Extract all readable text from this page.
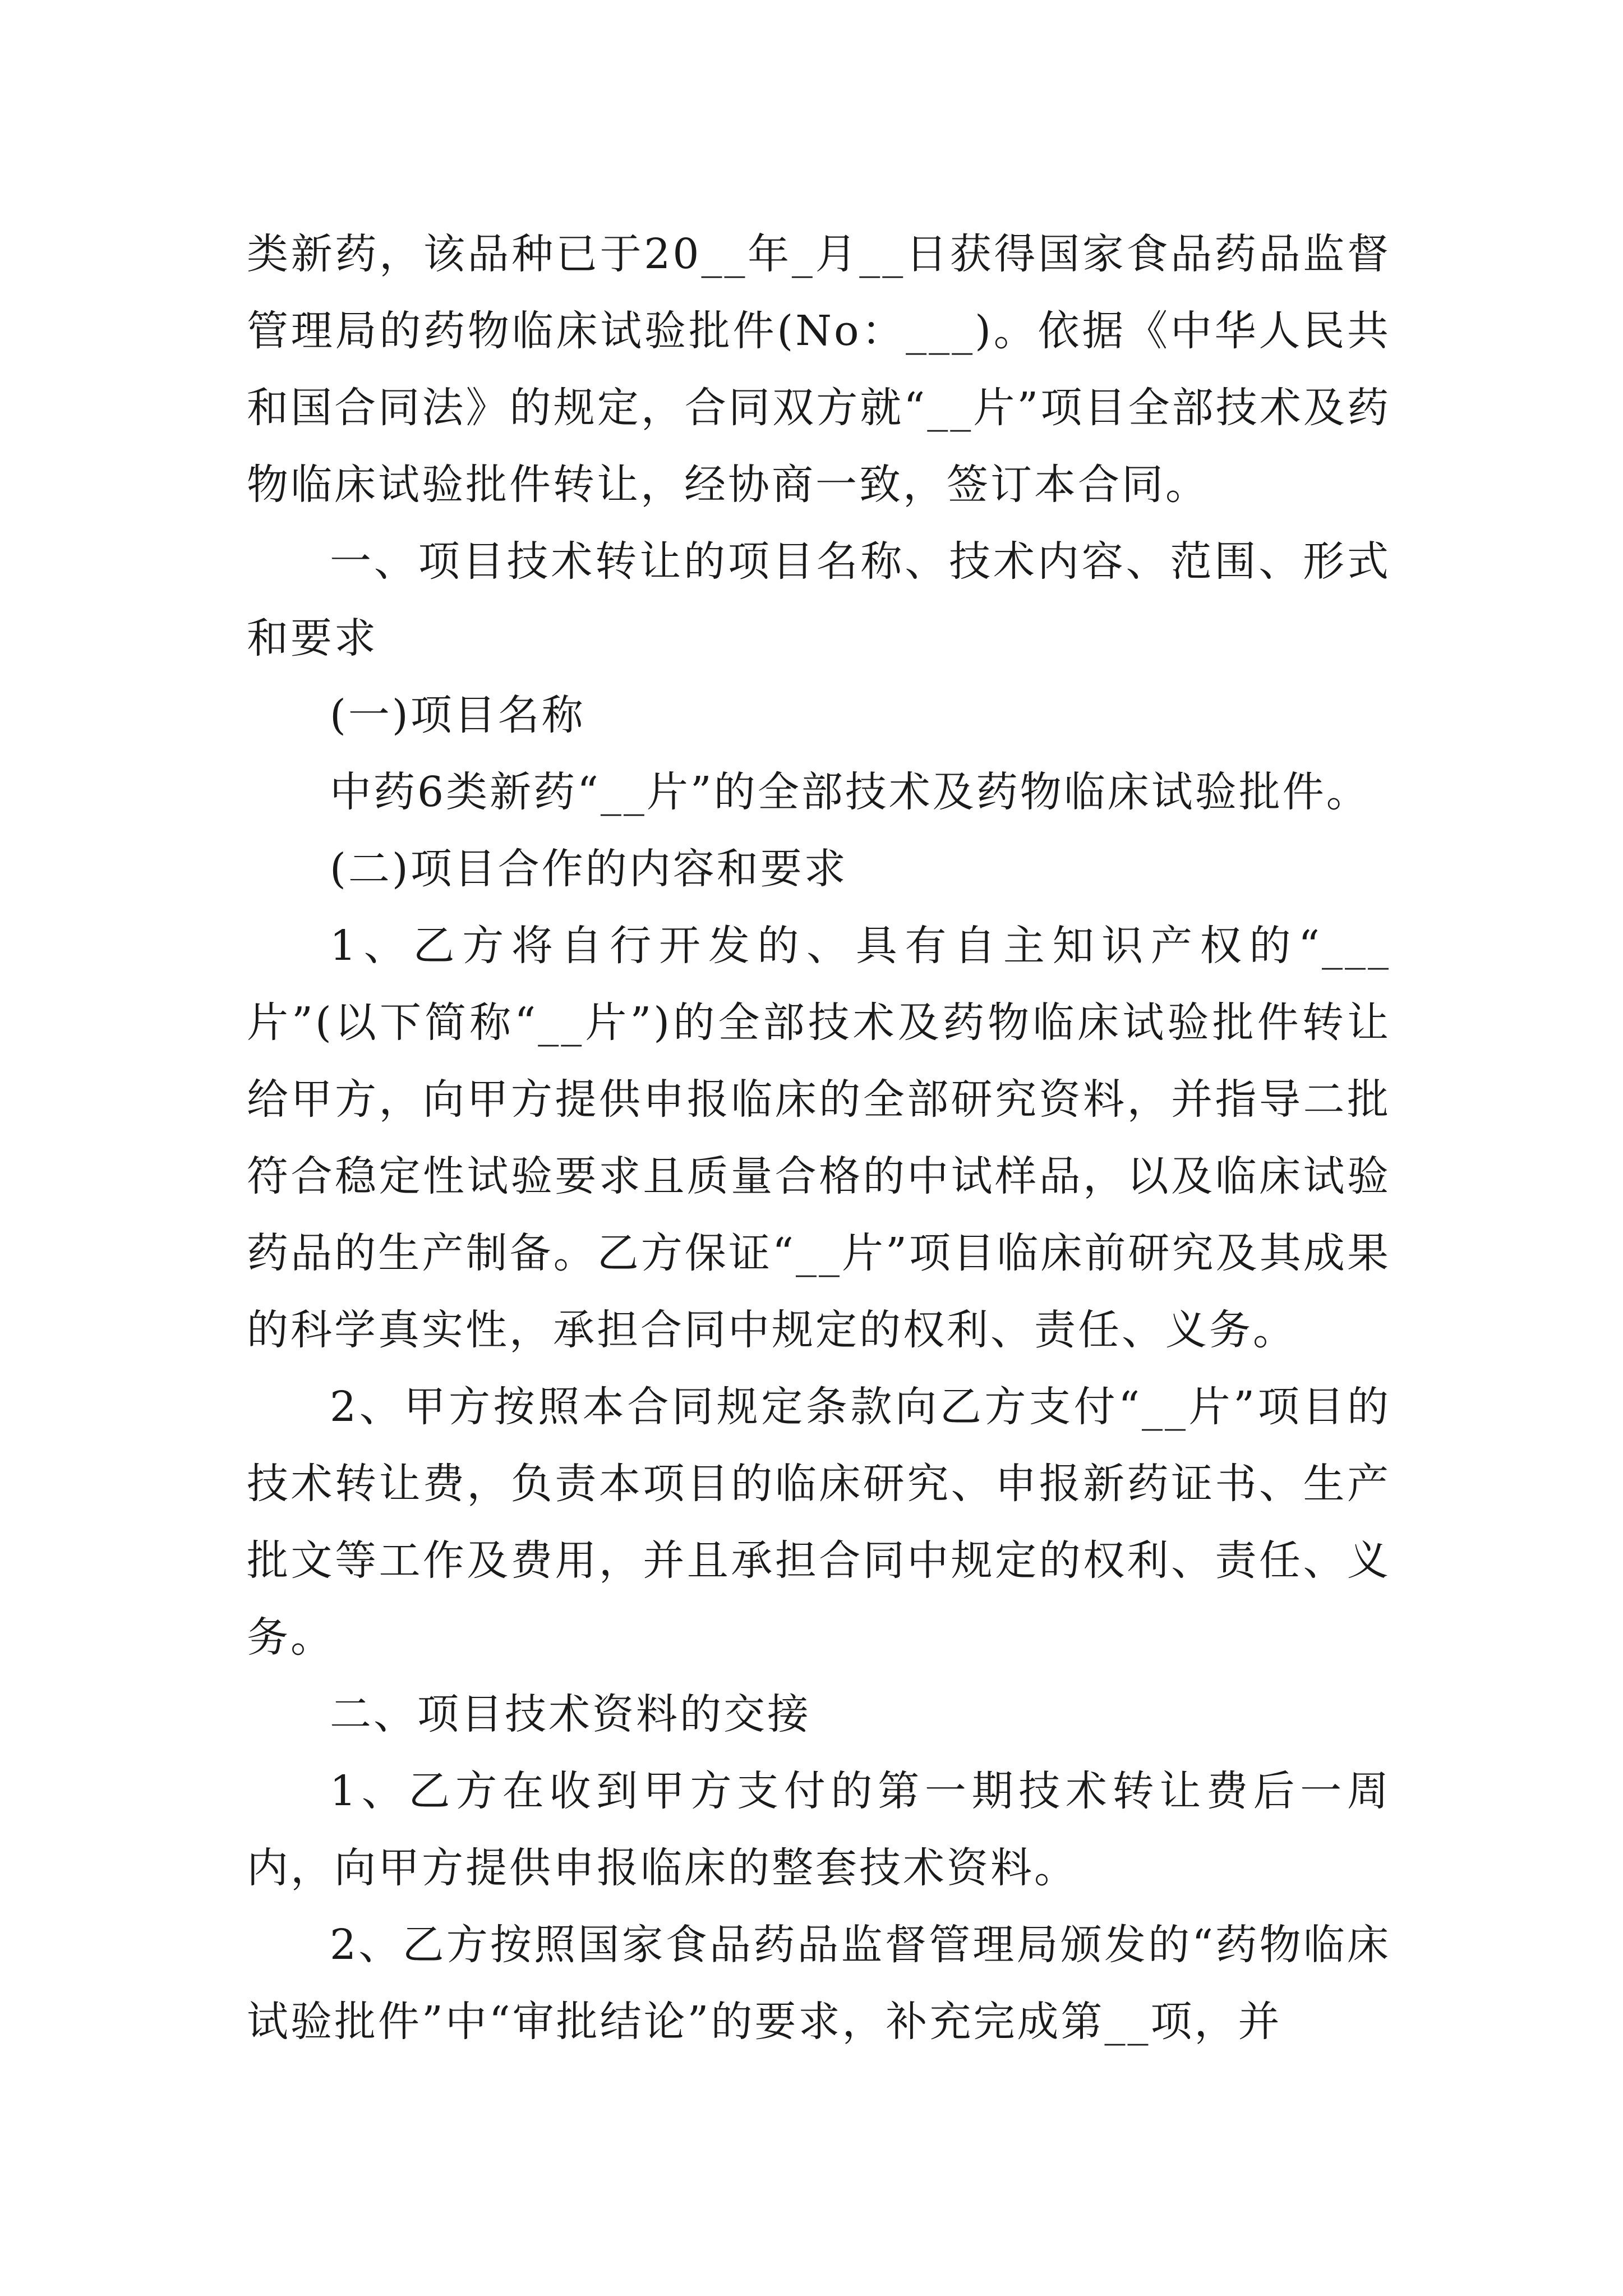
类新药，该品种已于20__年_月__日获得国家食品药品监督管理局的药物临床试验批件(No：___)。依据《中华人民共和国合同法》的规定，合同双方就“__片”项目全部技术及药物临床试验批件转让，经协商一致，签订本合同。

一、项目技术转让的项目名称、技术内容、范围、形式和要求

(一)项目名称

中药6类新药“__片”的全部技术及药物临床试验批件。

(二)项目合作的内容和要求

1、乙方将自行开发的、具有自主知识产权的“___片”(以下简称“__片”)的全部技术及药物临床试验批件转让给甲方，向甲方提供申报临床的全部研究资料，并指导二批符合稳定性试验要求且质量合格的中试样品，以及临床试验药品的生产制备。乙方保证“__片”项目临床前研究及其成果的科学真实性，承担合同中规定的权利、责任、义务。

2、甲方按照本合同规定条款向乙方支付“__片”项目的技术转让费，负责本项目的临床研究、申报新药证书、生产批文等工作及费用，并且承担合同中规定的权利、责任、义务。

二、项目技术资料的交接

1、乙方在收到甲方支付的第一期技术转让费后一周内，向甲方提供申报临床的整套技术资料。

2、乙方按照国家食品药品监督管理局颁发的“药物临床试验批件”中“审批结论”的要求，补充完成第__项，并
